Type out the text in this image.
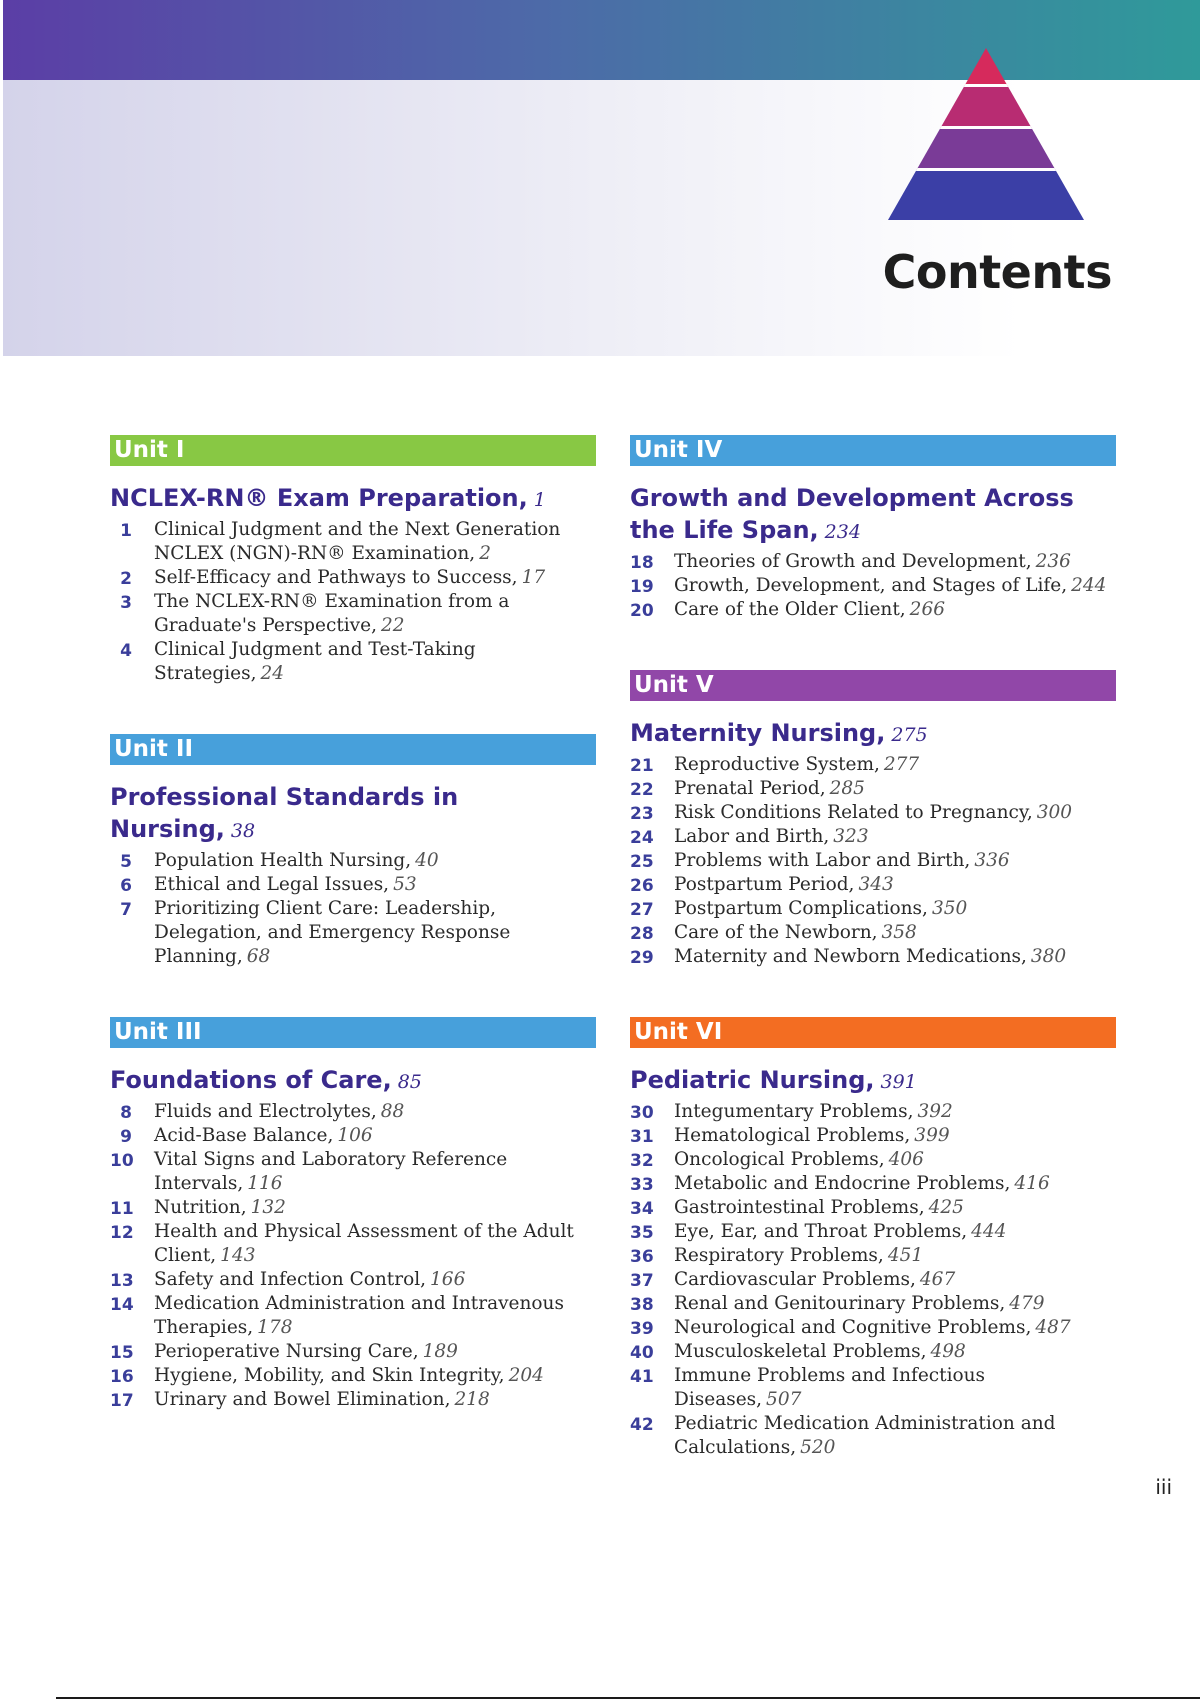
Contents
Unit I
NCLEX-RN® Exam Preparation, 1
1 Clinical Judgment and the Next Generation NCLEX (NGN)-RN® Examination, 2
2 Self-Efficacy and Pathways to Success, 17
3 The NCLEX-RN® Examination from a Graduate's Perspective, 22
4 Clinical Judgment and Test-Taking Strategies, 24
Unit II
Professional Standards in Nursing, 38
5 Population Health Nursing, 40
6 Ethical and Legal Issues, 53
7 Prioritizing Client Care: Leadership, Delegation, and Emergency Response Planning, 68
Unit III
Foundations of Care, 85
8 Fluids and Electrolytes, 88
9 Acid-Base Balance, 106
10 Vital Signs and Laboratory Reference Intervals, 116
11 Nutrition, 132
12 Health and Physical Assessment of the Adult Client, 143
13 Safety and Infection Control, 166
14 Medication Administration and Intravenous Therapies, 178
15 Perioperative Nursing Care, 189
16 Hygiene, Mobility, and Skin Integrity, 204
17 Urinary and Bowel Elimination, 218
Unit IV
Growth and Development Across the Life Span, 234
18 Theories of Growth and Development, 236
19 Growth, Development, and Stages of Life, 244
20 Care of the Older Client, 266
Unit V
Maternity Nursing, 275
21 Reproductive System, 277
22 Prenatal Period, 285
23 Risk Conditions Related to Pregnancy, 300
24 Labor and Birth, 323
25 Problems with Labor and Birth, 336
26 Postpartum Period, 343
27 Postpartum Complications, 350
28 Care of the Newborn, 358
29 Maternity and Newborn Medications, 380
Unit VI
Pediatric Nursing, 391
30 Integumentary Problems, 392
31 Hematological Problems, 399
32 Oncological Problems, 406
33 Metabolic and Endocrine Problems, 416
34 Gastrointestinal Problems, 425
35 Eye, Ear, and Throat Problems, 444
36 Respiratory Problems, 451
37 Cardiovascular Problems, 467
38 Renal and Genitourinary Problems, 479
39 Neurological and Cognitive Problems, 487
40 Musculoskeletal Problems, 498
41 Immune Problems and Infectious Diseases, 507
42 Pediatric Medication Administration and Calculations, 520
iii
